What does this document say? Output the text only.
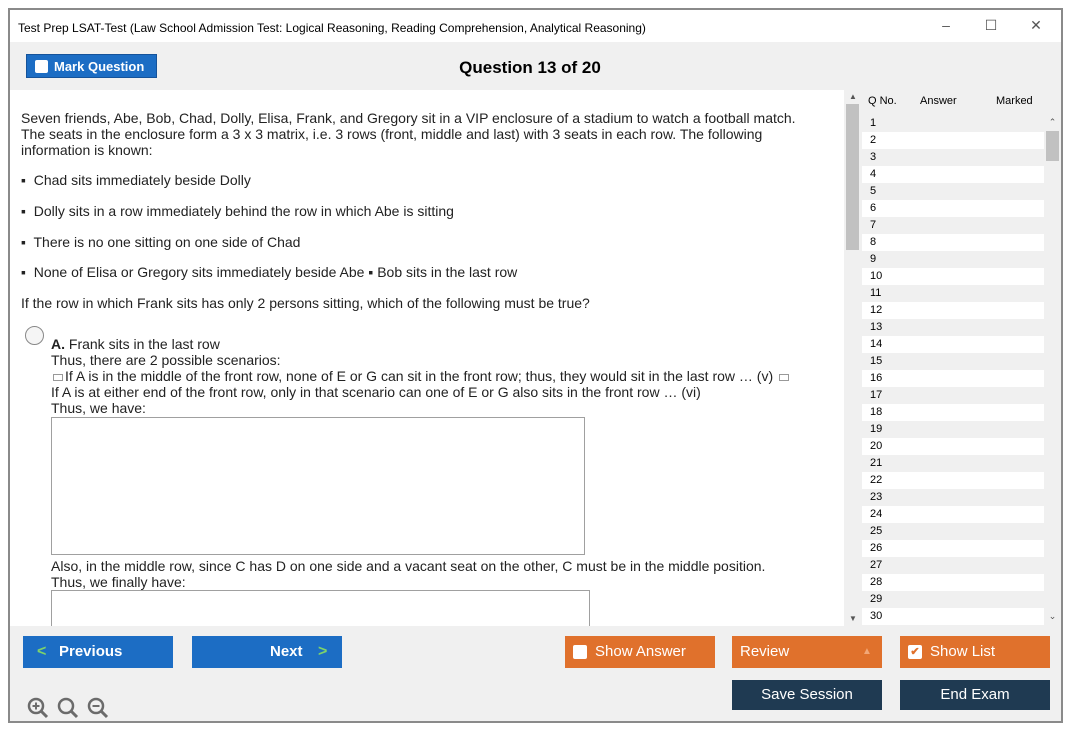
Test Prep LSAT-Test (Law School Admission Test: Logical Reasoning, Reading Comprehension, Analytical Reasoning)	–	☐	✕
Mark Question	Question 13 of 20
Seven friends, Abe, Bob, Chad, Dolly, Elisa, Frank, and Gregory sit in a VIP enclosure of a stadium to watch a football match.
The seats in the enclosure form a 3 x 3 matrix, i.e. 3 rows (front, middle and last) with 3 seats in each row. The following
information is known:
▪ Chad sits immediately beside Dolly
▪ Dolly sits in a row immediately behind the row in which Abe is sitting
▪ There is no one sitting on one side of Chad
▪ None of Elisa or Gregory sits immediately beside Abe ▪ Bob sits in the last row
If the row in which Frank sits has only 2 persons sitting, which of the following must be true?
A. Frank sits in the last row
Thus, there are 2 possible scenarios:
If A is in the middle of the front row, none of E or G can sit in the front row; thus, they would sit in the last row … (v)
If A is at either end of the front row, only in that scenario can one of E or G also sits in the front row … (vi)
Thus, we have:
Also, in the middle row, since C has D on one side and a vacant seat on the other, C must be in the middle position.
Thus, we finally have:
▲
▼
Q No. Answer	Marked
1
2
3
4
5
6
7
8
9
10
11
12
13
14
15
16
17
18
19
20
21
22
23
24
25
26
27
28
29
30
⌃
⌄
< Previous	Next >	Show Answer	Review	▲	✔ Show List
Save Session	End Exam
